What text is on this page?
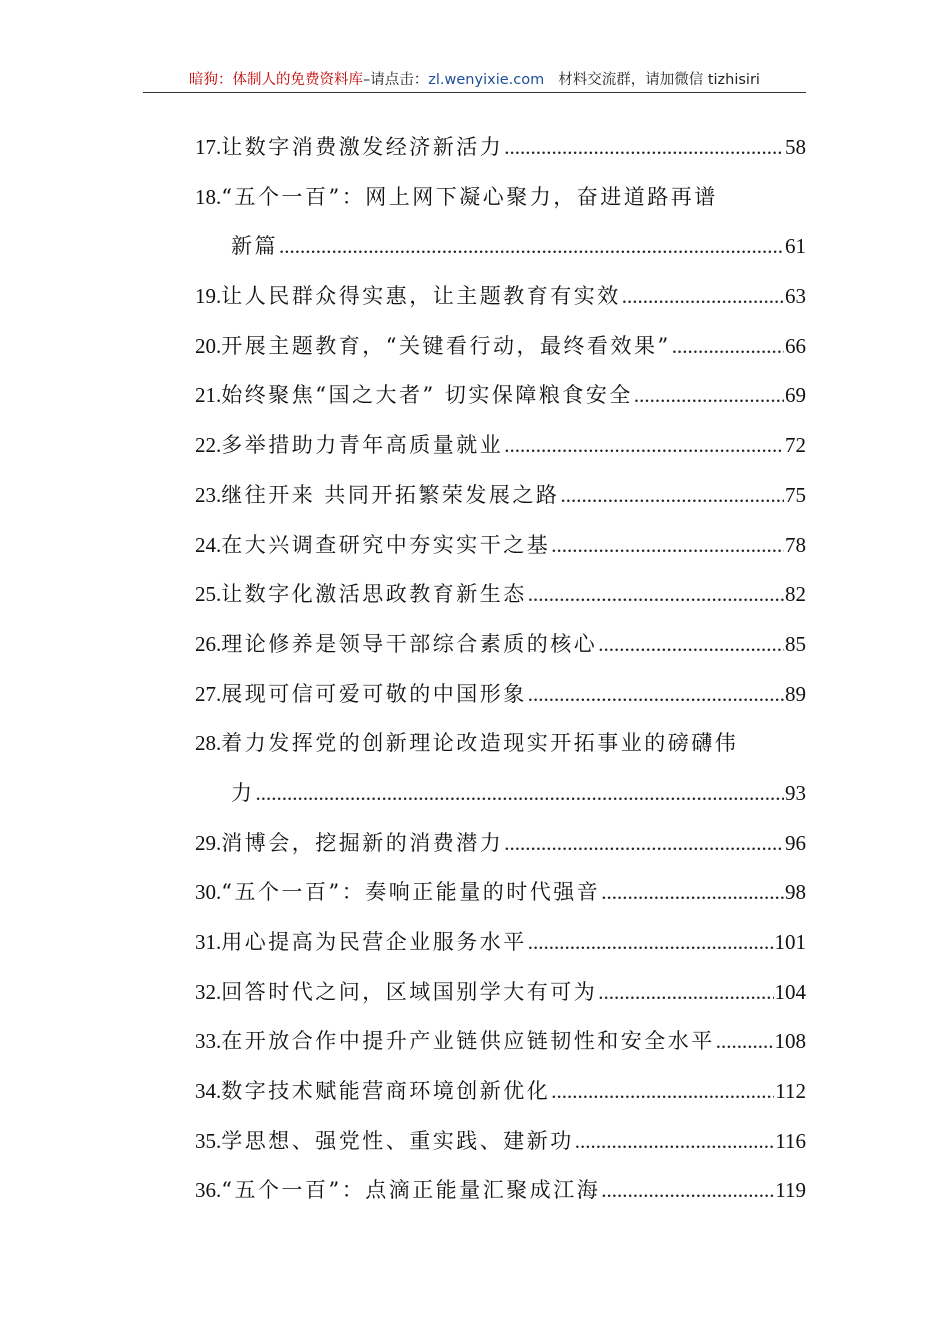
暗狗：体制人的免费资料库–请点击：zl.wenyixie.com 材料交流群，请加微信 tizhisiri
17. 让数字消费激发经济新活力 .....	58
18. “五个一百”：网上网下凝心聚力，奋进道路再谱
新篇 .....	61
19. 让人民群众得实惠，让主题教育有实效 .....	63
20. 开展主题教育，“关键看行动，最终看效果” .....	66
21. 始终聚焦“国之大者” 切实保障粮食安全 .....	69
22. 多举措助力青年高质量就业 .....	72
23. 继往开来 共同开拓繁荣发展之路 .....	75
24. 在大兴调查研究中夯实实干之基 .....	78
25. 让数字化激活思政教育新生态 .....	82
26. 理论修养是领导干部综合素质的核心 .....	85
27. 展现可信可爱可敬的中国形象 .....	89
28. 着力发挥党的创新理论改造现实开拓事业的磅礴伟
力 .....	93
29. 消博会，挖掘新的消费潜力 .....	96
30. “五个一百”：奏响正能量的时代强音 .....	98
31. 用心提高为民营企业服务水平 .....	101
32. 回答时代之问，区域国别学大有可为 .....	104
33. 在开放合作中提升产业链供应链韧性和安全水平 .....	108
34. 数字技术赋能营商环境创新优化 .....	112
35. 学思想、强党性、重实践、建新功 .....	116
36. “五个一百”：点滴正能量汇聚成江海 .....	119
